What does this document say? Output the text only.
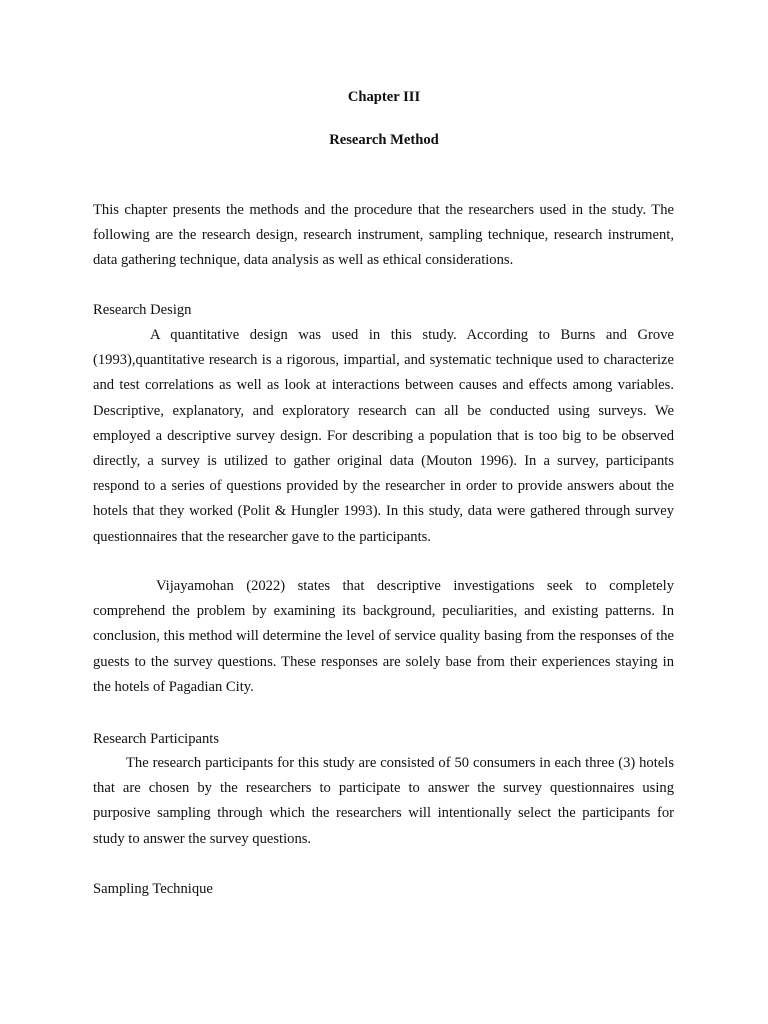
Chapter III
Research Method

This chapter presents the methods and the procedure that the researchers used in the study. The following are the research design, research instrument, sampling technique, research instrument, data gathering technique, data analysis as well as ethical considerations.

Research Design

A quantitative design was used in this study. According to Burns and Grove (1993),quantitative research is a rigorous, impartial, and systematic technique used to characterize and test correlations as well as look at interactions between causes and effects among variables. Descriptive, explanatory, and exploratory research can all be conducted using surveys. We employed a descriptive survey design. For describing a population that is too big to be observed directly, a survey is utilized to gather original data (Mouton 1996). In a survey, participants respond to a series of questions provided by the researcher in order to provide answers about the hotels that they worked (Polit & Hungler 1993). In this study, data were gathered through survey questionnaires that the researcher gave to the participants.

Vijayamohan (2022) states that descriptive investigations seek to completely comprehend the problem by examining its background, peculiarities, and existing patterns. In conclusion, this method will determine the level of service quality basing from the responses of the guests to the survey questions. These responses are solely base from their experiences staying in the hotels of Pagadian City.

Research Participants

The research participants for this study are consisted of 50 consumers in each three (3) hotels that are chosen by the researchers to participate to answer the survey questionnaires using purposive sampling through which the researchers will intentionally select the participants for study to answer the survey questions.

Sampling Technique
